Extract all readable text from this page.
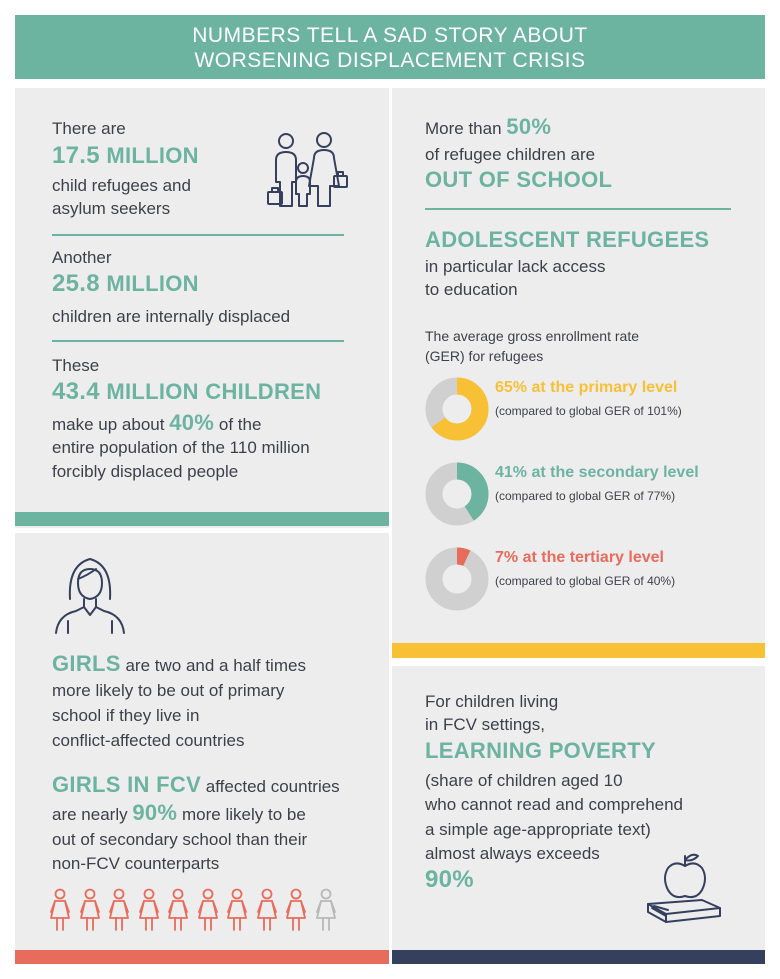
NUMBERS TELL A SAD STORY ABOUT
WORSENING DISPLACEMENT CRISIS
There are
17.5 MILLION
child refugees and
asylum seekers
Another
25.8 MILLION
children are internally displaced
These
43.4 MILLION CHILDREN
make up about 40% of the
entire population of the 110 million
forcibly displaced people
More than 50%
of refugee children are
OUT OF SCHOOL
ADOLESCENT REFUGEES
in particular lack access
to education
The average gross enrollment rate
(GER) for refugees
65% at the primary level
(compared to global GER of 101%)
41% at the secondary level
(compared to global GER of 77%)
7% at the tertiary level
(compared to global GER of 40%)
GIRLS are two and a half times
more likely to be out of primary
school if they live in
conflict-affected countries
GIRLS IN FCV affected countries
are nearly 90% more likely to be
out of secondary school than their
non-FCV counterparts
For children living
in FCV settings,
LEARNING POVERTY
(share of children aged 10
who cannot read and comprehend
a simple age-appropriate text)
almost always exceeds
90%
